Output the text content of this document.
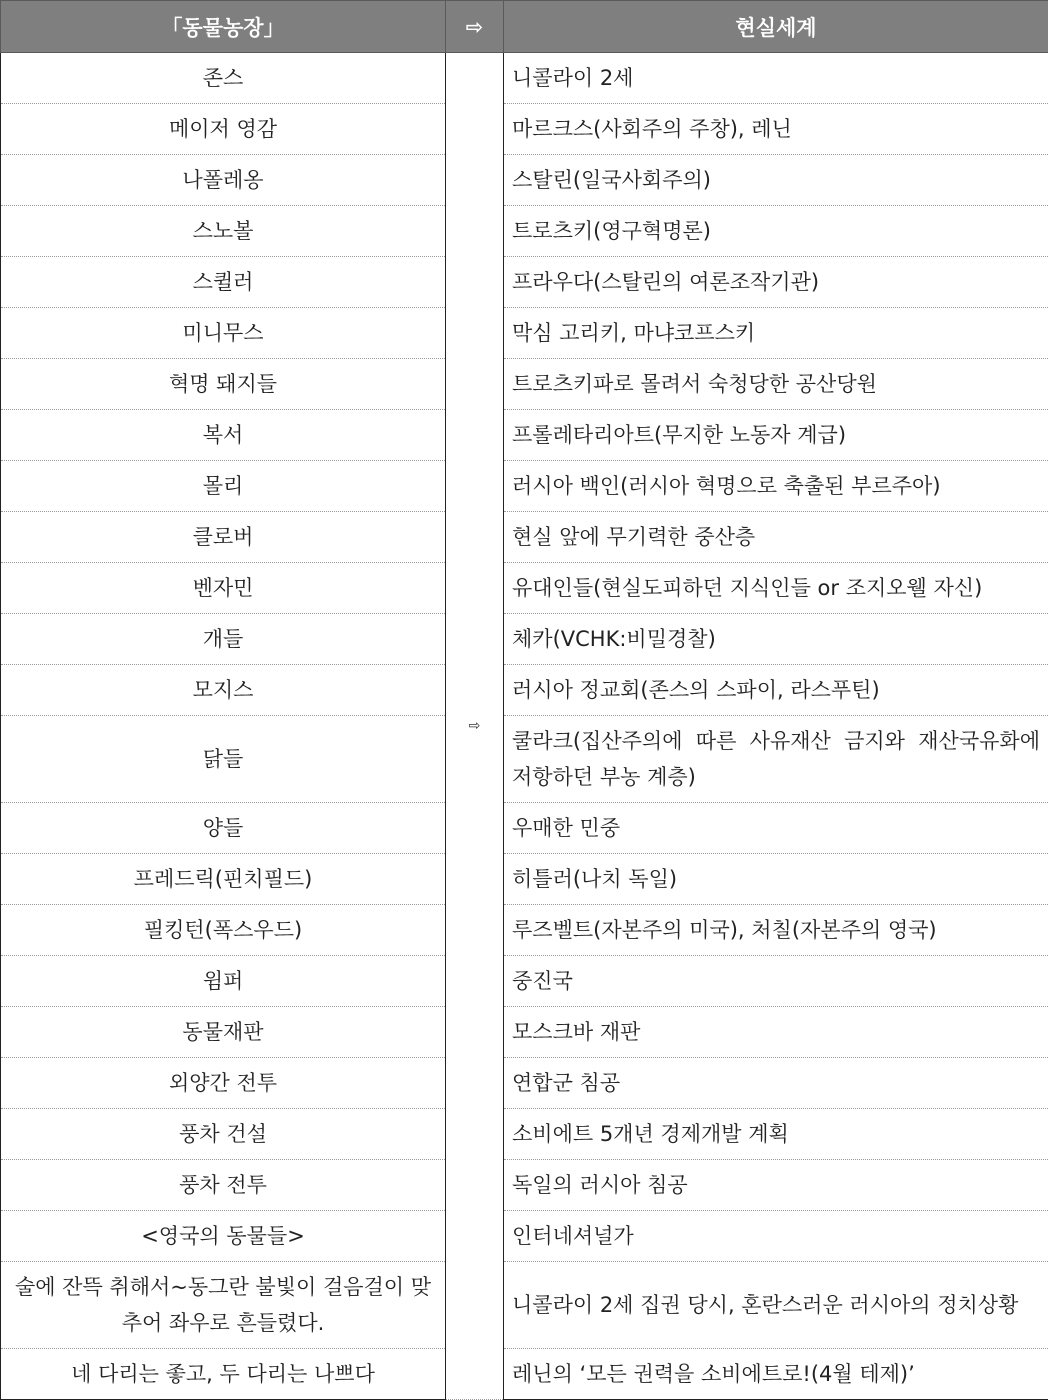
「동물농장」	⇨	현실세계
존스	⇨	니콜라이 2세
메이저 영감		마르크스(사회주의 주창), 레닌
나폴레옹		스탈린(일국사회주의)
스노볼		트로츠키(영구혁명론)
스퀼러		프라우다(스탈린의 여론조작기관)
미니무스		막심 고리키, 마냐코프스키
혁명 돼지들		트로츠키파로 몰려서 숙청당한 공산당원
복서		프롤레타리아트(무지한 노동자 계급)
몰리		러시아 백인(러시아 혁명으로 축출된 부르주아)
클로버		현실 앞에 무기력한 중산층
벤자민		유대인들(현실도피하던 지식인들 or 조지오웰 자신)
개들		체카(VCHK:비밀경찰)
모지스		러시아 정교회(존스의 스파이, 라스푸틴)
닭들		쿨라크(집산주의에 따른 사유재산 금지와 재산국유화에 저항하던 부농 계층)
양들		우매한 민중
프레드릭(핀치필드)		히틀러(나치 독일)
필킹턴(폭스우드)		루즈벨트(자본주의 미국), 처칠(자본주의 영국)
윔퍼		중진국
동물재판		모스크바 재판
외양간 전투		연합군 침공
풍차 건설		소비에트 5개년 경제개발 계획
풍차 전투		독일의 러시아 침공
<영국의 동물들>		인터네셔널가
술에 잔뜩 취해서~동그란 불빛이 걸음걸이 맞추어 좌우로 흔들렸다.		니콜라이 2세 집권 당시, 혼란스러운 러시아의 정치상황
네 다리는 좋고, 두 다리는 나쁘다		레닌의 ‘모든 권력을 소비에트로!(4월 테제)’
